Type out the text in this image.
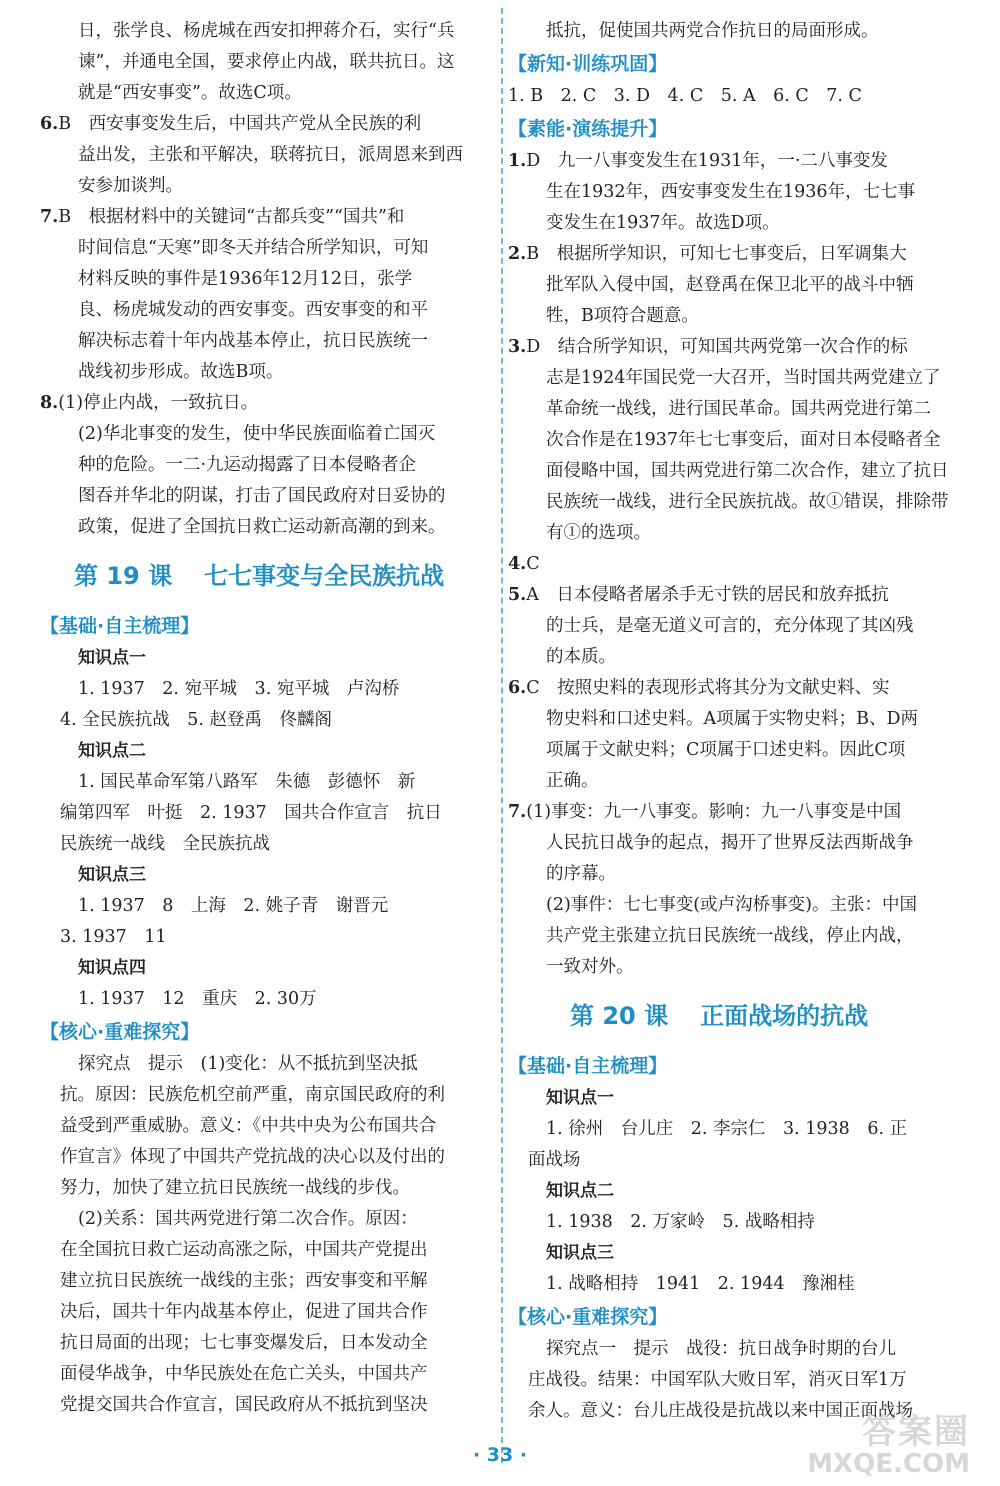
日，张学良、杨虎城在西安扣押蒋介石，实行“兵
谏”，并通电全国，要求停止内战，联共抗日。这
就是“西安事变”。故选C项。
6.B　西安事变发生后，中国共产党从全民族的利
益出发，主张和平解决，联蒋抗日，派周恩来到西
安参加谈判。
7.B　根据材料中的关键词“古都兵变”“国共”和
时间信息“天寒”即冬天并结合所学知识，可知
材料反映的事件是1936年12月12日，张学
良、杨虎城发动的西安事变。西安事变的和平
解决标志着十年内战基本停止，抗日民族统一
战线初步形成。故选B项。
8.(1)停止内战，一致抗日。
(2)华北事变的发生，使中华民族面临着亡国灭
种的危险。一二·九运动揭露了日本侵略者企
图吞并华北的阴谋，打击了国民政府对日妥协的
政策，促进了全国抗日救亡运动新高潮的到来。
第 19 课 七七事变与全民族抗战
【基础·自主梳理】
知识点一
1. 1937　2. 宛平城　3. 宛平城　卢沟桥
4. 全民族抗战　5. 赵登禹　佟麟阁
知识点二
1. 国民革命军第八路军　朱德　彭德怀　新
编第四军　叶挺　2. 1937　国共合作宣言　抗日
民族统一战线　全民族抗战
知识点三
1. 1937　8　上海　2. 姚子青　谢晋元
3. 1937　11
知识点四
1. 1937　12　重庆　2. 30万
【核心·重难探究】
探究点　提示　(1)变化：从不抵抗到坚决抵
抗。原因：民族危机空前严重，南京国民政府的利
益受到严重威胁。意义：《中共中央为公布国共合
作宣言》体现了中国共产党抗战的决心以及付出的
努力，加快了建立抗日民族统一战线的步伐。
(2)关系：国共两党进行第二次合作。原因：
在全国抗日救亡运动高涨之际，中国共产党提出
建立抗日民族统一战线的主张；西安事变和平解
决后，国共十年内战基本停止，促进了国共合作
抗日局面的出现；七七事变爆发后，日本发动全
面侵华战争，中华民族处在危亡关头，中国共产
党提交国共合作宣言，国民政府从不抵抗到坚决
抵抗，促使国共两党合作抗日的局面形成。
【新知·训练巩固】
1. B　2. C　3. D　4. C　5. A　6. C　7. C
【素能·演练提升】
1.D　九一八事变发生在1931年，一·二八事变发
生在1932年，西安事变发生在1936年，七七事
变发生在1937年。故选D项。
2.B　根据所学知识，可知七七事变后，日军调集大
批军队入侵中国，赵登禹在保卫北平的战斗中牺
牲，B项符合题意。
3.D　结合所学知识，可知国共两党第一次合作的标
志是1924年国民党一大召开，当时国共两党建立了
革命统一战线，进行国民革命。国共两党进行第二
次合作是在1937年七七事变后，面对日本侵略者全
面侵略中国，国共两党进行第二次合作，建立了抗日
民族统一战线，进行全民族抗战。故①错误，排除带
有①的选项。
4.C
5.A　日本侵略者屠杀手无寸铁的居民和放弃抵抗
的士兵，是毫无道义可言的，充分体现了其凶残
的本质。
6.C　按照史料的表现形式将其分为文献史料、实
物史料和口述史料。A项属于实物史料；B、D两
项属于文献史料；C项属于口述史料。因此C项
正确。
7.(1)事变：九一八事变。影响：九一八事变是中国
人民抗日战争的起点，揭开了世界反法西斯战争
的序幕。
(2)事件：七七事变(或卢沟桥事变)。主张：中国
共产党主张建立抗日民族统一战线，停止内战，
一致对外。
第 20 课 正面战场的抗战
【基础·自主梳理】
知识点一
1. 徐州　台儿庄　2. 李宗仁　3. 1938　6. 正
面战场
知识点二
1. 1938　2. 万家岭　5. 战略相持
知识点三
1. 战略相持　1941　2. 1944　豫湘桂
【核心·重难探究】
探究点一　提示　战役：抗日战争时期的台儿
庄战役。结果：中国军队大败日军，消灭日军1万
余人。意义：台儿庄战役是抗战以来中国正面战场
· 33 ·
答案圈
MXQE.COM
